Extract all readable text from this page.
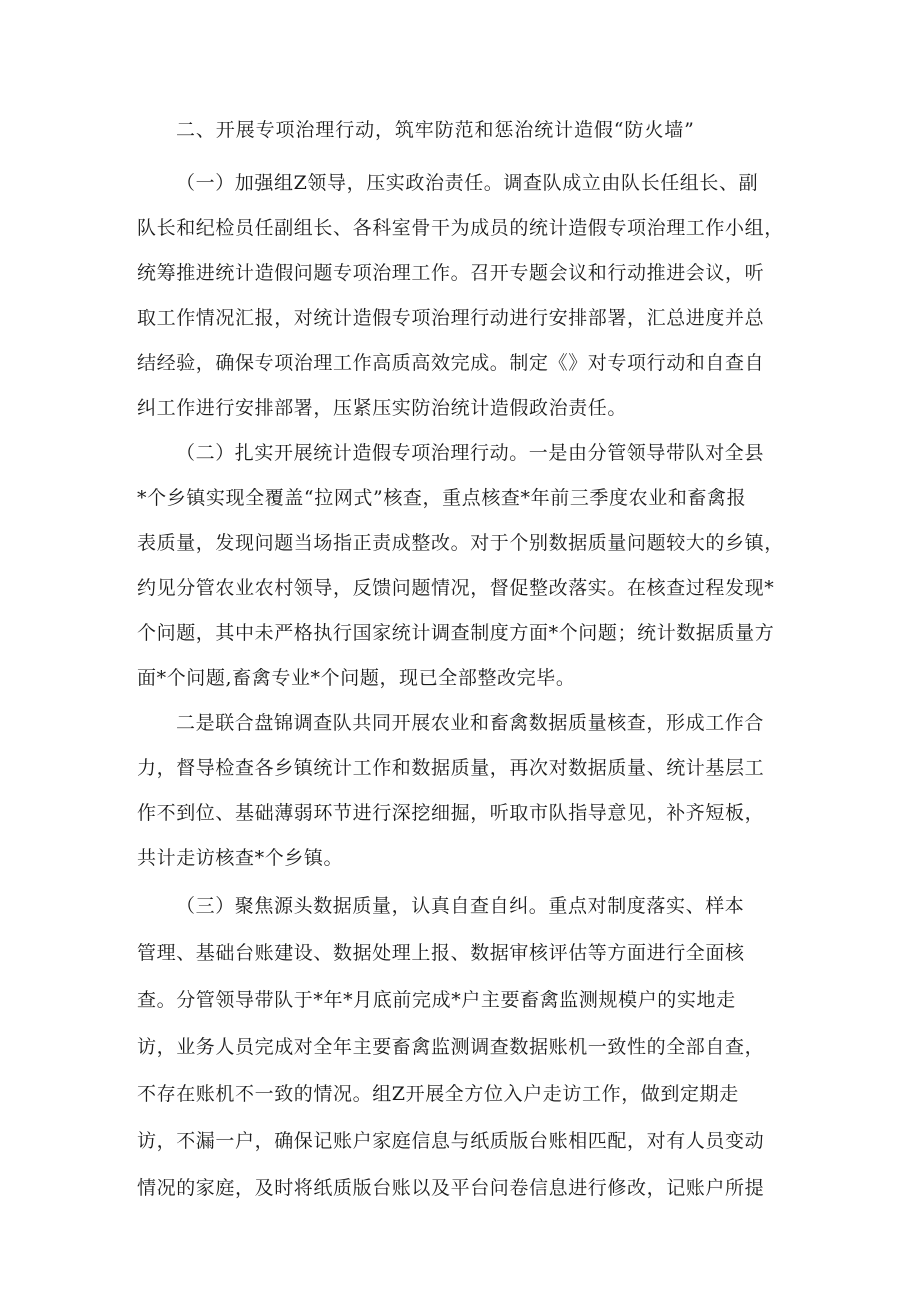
二、开展专项治理行动，筑牢防范和惩治统计造假“防火墙”
（一）加强组Z领导，压实政治责任。调查队成立由队长任组长、副
队长和纪检员任副组长、各科室骨干为成员的统计造假专项治理工作小组，
统筹推进统计造假问题专项治理工作。召开专题会议和行动推进会议，听
取工作情况汇报，对统计造假专项治理行动进行安排部署，汇总进度并总
结经验，确保专项治理工作高质高效完成。制定《》对专项行动和自查自
纠工作进行安排部署，压紧压实防治统计造假政治责任。
（二）扎实开展统计造假专项治理行动。一是由分管领导带队对全县
*个乡镇实现全覆盖“拉网式”核查，重点核查*年前三季度农业和畜禽报
表质量，发现问题当场指正责成整改。对于个别数据质量问题较大的乡镇，
约见分管农业农村领导，反馈问题情况，督促整改落实。在核查过程发现*
个问题，其中未严格执行国家统计调查制度方面*个问题；统计数据质量方
面*个问题,畜禽专业*个问题，现已全部整改完毕。
二是联合盘锦调查队共同开展农业和畜禽数据质量核查，形成工作合
力，督导检查各乡镇统计工作和数据质量，再次对数据质量、统计基层工
作不到位、基础薄弱环节进行深挖细掘，听取市队指导意见，补齐短板，
共计走访核查*个乡镇。
（三）聚焦源头数据质量，认真自查自纠。重点对制度落实、样本
管理、基础台账建设、数据处理上报、数据审核评估等方面进行全面核
查。分管领导带队于*年*月底前完成*户主要畜禽监测规模户的实地走
访，业务人员完成对全年主要畜禽监测调查数据账机一致性的全部自查，
不存在账机不一致的情况。组Z开展全方位入户走访工作，做到定期走
访，不漏一户，确保记账户家庭信息与纸质版台账相匹配，对有人员变动
情况的家庭，及时将纸质版台账以及平台问卷信息进行修改，记账户所提
